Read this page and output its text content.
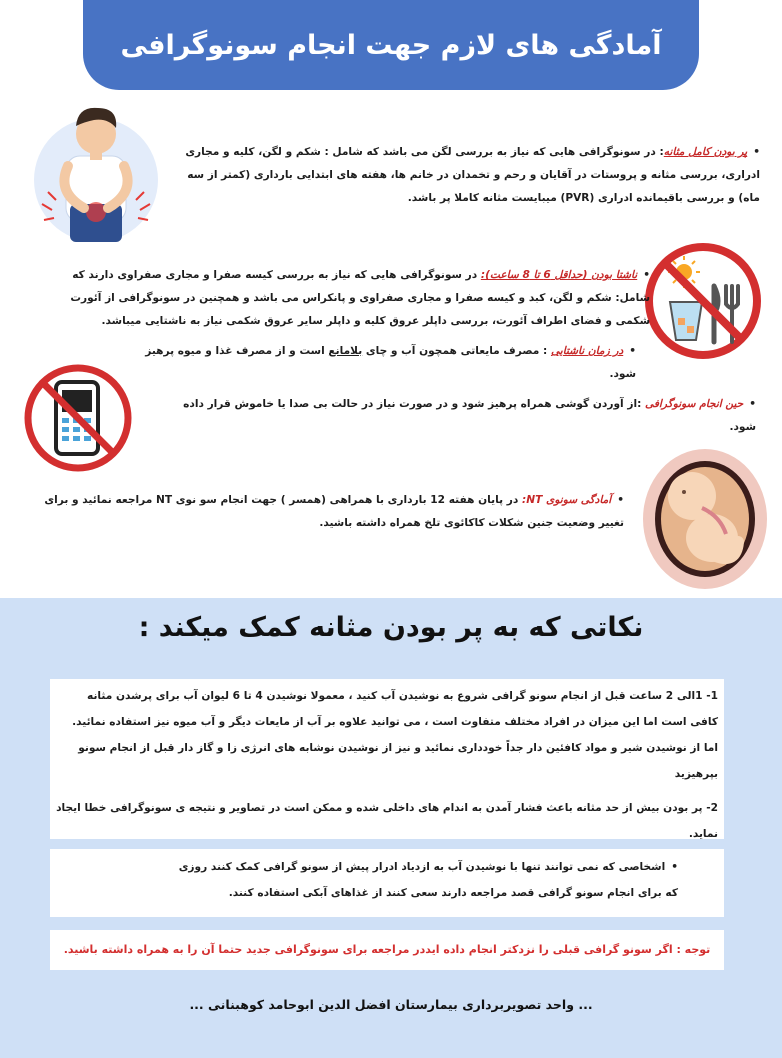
آمادگی های لازم جهت انجام سونوگرافی
•پر بودن کامل مثانه: در سونوگرافی هایی که نیاز به بررسی لگن می باشد که شامل : شکم و لگن، کلیه و مجاری ادراری، بررسی مثانه و پروستات در آقایان و رحم و تخمدان در خانم ها، هفته های ابتدایی بارداری (کمتر از سه ماه) و بررسی باقیمانده ادراری (PVR) میبایست مثانه کاملا پر باشد.
•ناشتا بودن (حداقل 6 تا 8 ساعت): در سونوگرافی هایی که نیاز به بررسی کیسه صفرا و مجاری صفراوی دارند که شامل: شکم و لگن، کبد و کیسه صفرا و مجاری صفراوی و پانکراس می باشد و همچنین در سونوگرافی از آئورت شکمی و فضای اطراف آئورت، بررسی داپلر عروق کلیه و داپلر سایر عروق شکمی نیاز به ناشتایی میباشد.
•در زمان ناشتایی : مصرف مایعاتی همچون آب و چای بلامانع است و از مصرف غذا و میوه پرهیز شود.
•حین انجام سونوگرافی :از آوردن گوشی همراه پرهیز شود و در صورت نیاز در حالت بی صدا یا خاموش قرار داده شود.
•آمادگی سونوی NT: در پایان هفته 12 بارداری با همراهی (همسر ) جهت انجام سو نوی NT مراجعه نمائید و برای تغییر وضعیت جنین شکلات کاکائوی تلخ همراه داشته باشید.
نکاتی که به پر بودن مثانه کمک میکند :
1- 1الی 2 ساعت قبل از انجام سونو گرافی شروع به نوشیدن آب کنید ، معمولا نوشیدن 4 تا 6 لیوان آب برای پرشدن مثانه کافی است اما این میزان در افراد مختلف متفاوت است ، می توانید علاوه بر آب از مایعات دیگر و آب میوه نیز استفاده نمائید. اما از نوشیدن شیر و مواد کافئین دار جداً خودداری نمائید و نیز از نوشیدن نوشابه های انرژی زا و گاز دار قبل از انجام سونو بپرهیزید
2- پر بودن بیش از حد مثانه باعث فشار آمدن به اندام های داخلی شده و ممکن است در تصاویر و نتیجه ی سونوگرافی خطا ایجاد نماید.
•اشخاصی که نمی توانند تنها با نوشیدن آب به ازدیاد ادرار پیش از سونو گرافی کمک کنند روزی که برای انجام سونو گرافی قصد مراجعه دارند سعی کنند از غذاهای آبکی استفاده کنند.
توجه : اگر سونو گرافی قبلی را نزدکتر انجام داده ایددر مراجعه برای سونوگرافی جدید حتما آن را به همراه داشته باشید.
... واحد تصویربرداری بیمارستان افضل الدین ابوحامد کوهبنانی ...
